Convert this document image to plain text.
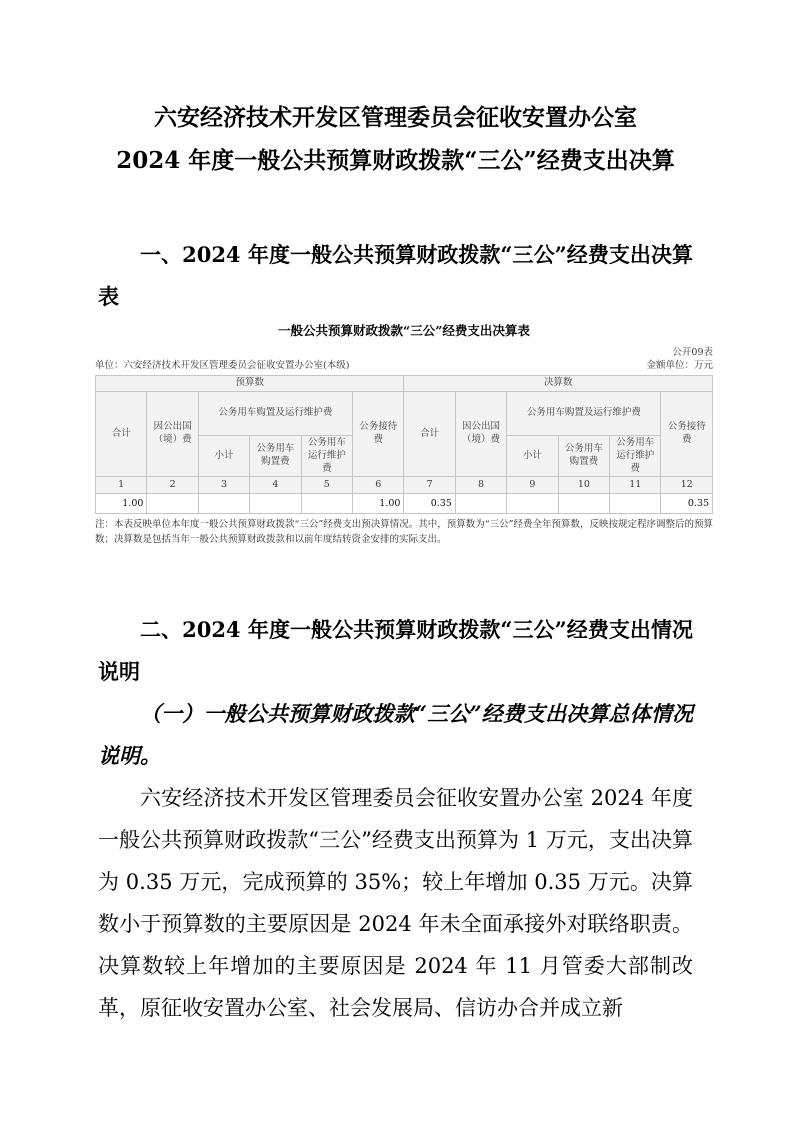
六安经济技术开发区管理委员会征收安置办公室
2024 年度一般公共预算财政拨款“三公”经费支出决算
一、2024 年度一般公共预算财政拨款“三公”经费支出决算表
一般公共预算财政拨款“三公”经费支出决算表
公开09表
单位：六安经济技术开发区管理委员会征收安置办公室(本级)	金额单位：万元
预算数						决算数					
合计	因公出国（境）费	公务用车购置及运行维护费			公务接待费	合计	因公出国（境）费	公务用车购置及运行维护费			公务接待费
		小计	公务用车购置费	公务用车运行维护费				小计	公务用车购置费	公务用车运行维护费	
1	2	3	4	5	6	7	8	9	10	11	12
1.00					1.00	0.35					0.35
注：本表反映单位本年度一般公共预算财政拨款“三公”经费支出预决算情况。其中，预算数为“三公”经费全年预算数，反映按规定程序调整后的预算数；决算数是包括当年一般公共预算财政拨款和以前年度结转资金安排的实际支出。
二、2024 年度一般公共预算财政拨款“三公”经费支出情况说明
（一）一般公共预算财政拨款“三公”经费支出决算总体情况说明。
六安经济技术开发区管理委员会征收安置办公室 2024 年度一般公共预算财政拨款“三公”经费支出预算为 1 万元，支出决算为 0.35 万元，完成预算的 35%；较上年增加 0.35 万元。决算数小于预算数的主要原因是 2024 年未全面承接外对联络职责。决算数较上年增加的主要原因是 2024 年 11 月管委大部制改革，原征收安置办公室、社会发展局、信访办合并成立新
